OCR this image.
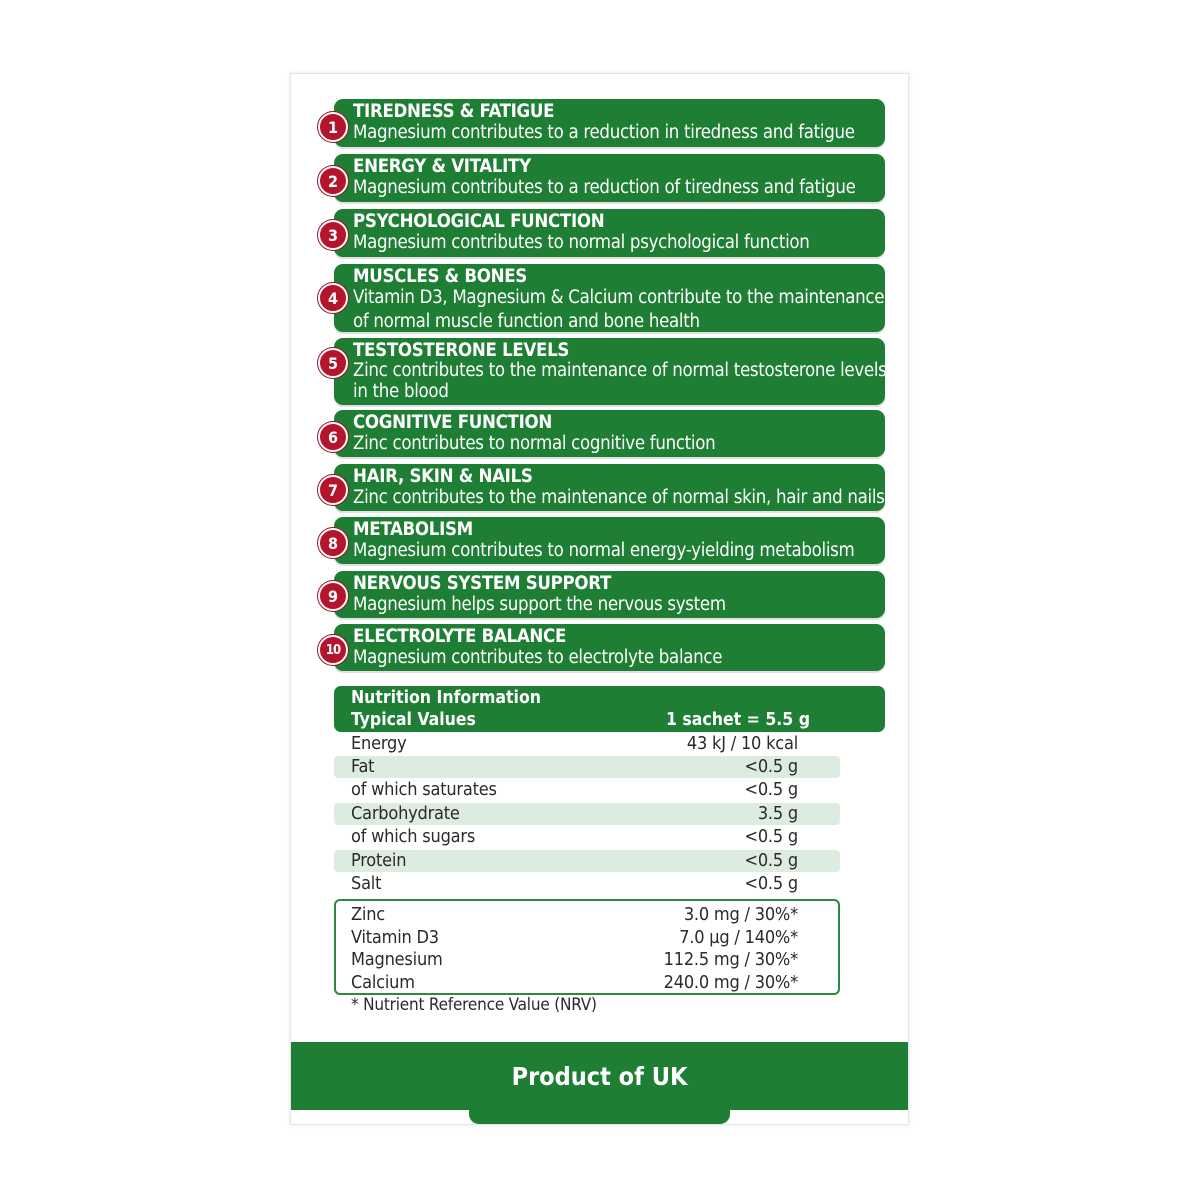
TIREDNESS & FATIGUE
Magnesium contributes to a reduction in tiredness and fatigue
1
ENERGY & VITALITY
Magnesium contributes to a reduction of tiredness and fatigue
2
PSYCHOLOGICAL FUNCTION
Magnesium contributes to normal psychological function
3
MUSCLES & BONES
Vitamin D3, Magnesium & Calcium contribute to the maintenance of normal muscle function and bone health
4
TESTOSTERONE LEVELS
Zinc contributes to the maintenance of normal testosterone levels in the blood
5
COGNITIVE FUNCTION
Zinc contributes to normal cognitive function
6
HAIR, SKIN & NAILS
Zinc contributes to the maintenance of normal skin, hair and nails
7
METABOLISM
Magnesium contributes to normal energy-yielding metabolism
8
NERVOUS SYSTEM SUPPORT
Magnesium helps support the nervous system
9
ELECTROLYTE BALANCE
Magnesium contributes to electrolyte balance
10
Nutrition Information
Typical Values	1 sachet = 5.5 g
Energy	43 kJ / 10 kcal
Fat	<0.5 g
of which saturates	<0.5 g
Carbohydrate	3.5 g
of which sugars	<0.5 g
Protein	<0.5 g
Salt	<0.5 g
Zinc	3.0 mg / 30%*
Vitamin D3	7.0 µg / 140%*
Magnesium	112.5 mg / 30%*
Calcium	240.0 mg / 30%*
* Nutrient Reference Value (NRV)
Product of UK
